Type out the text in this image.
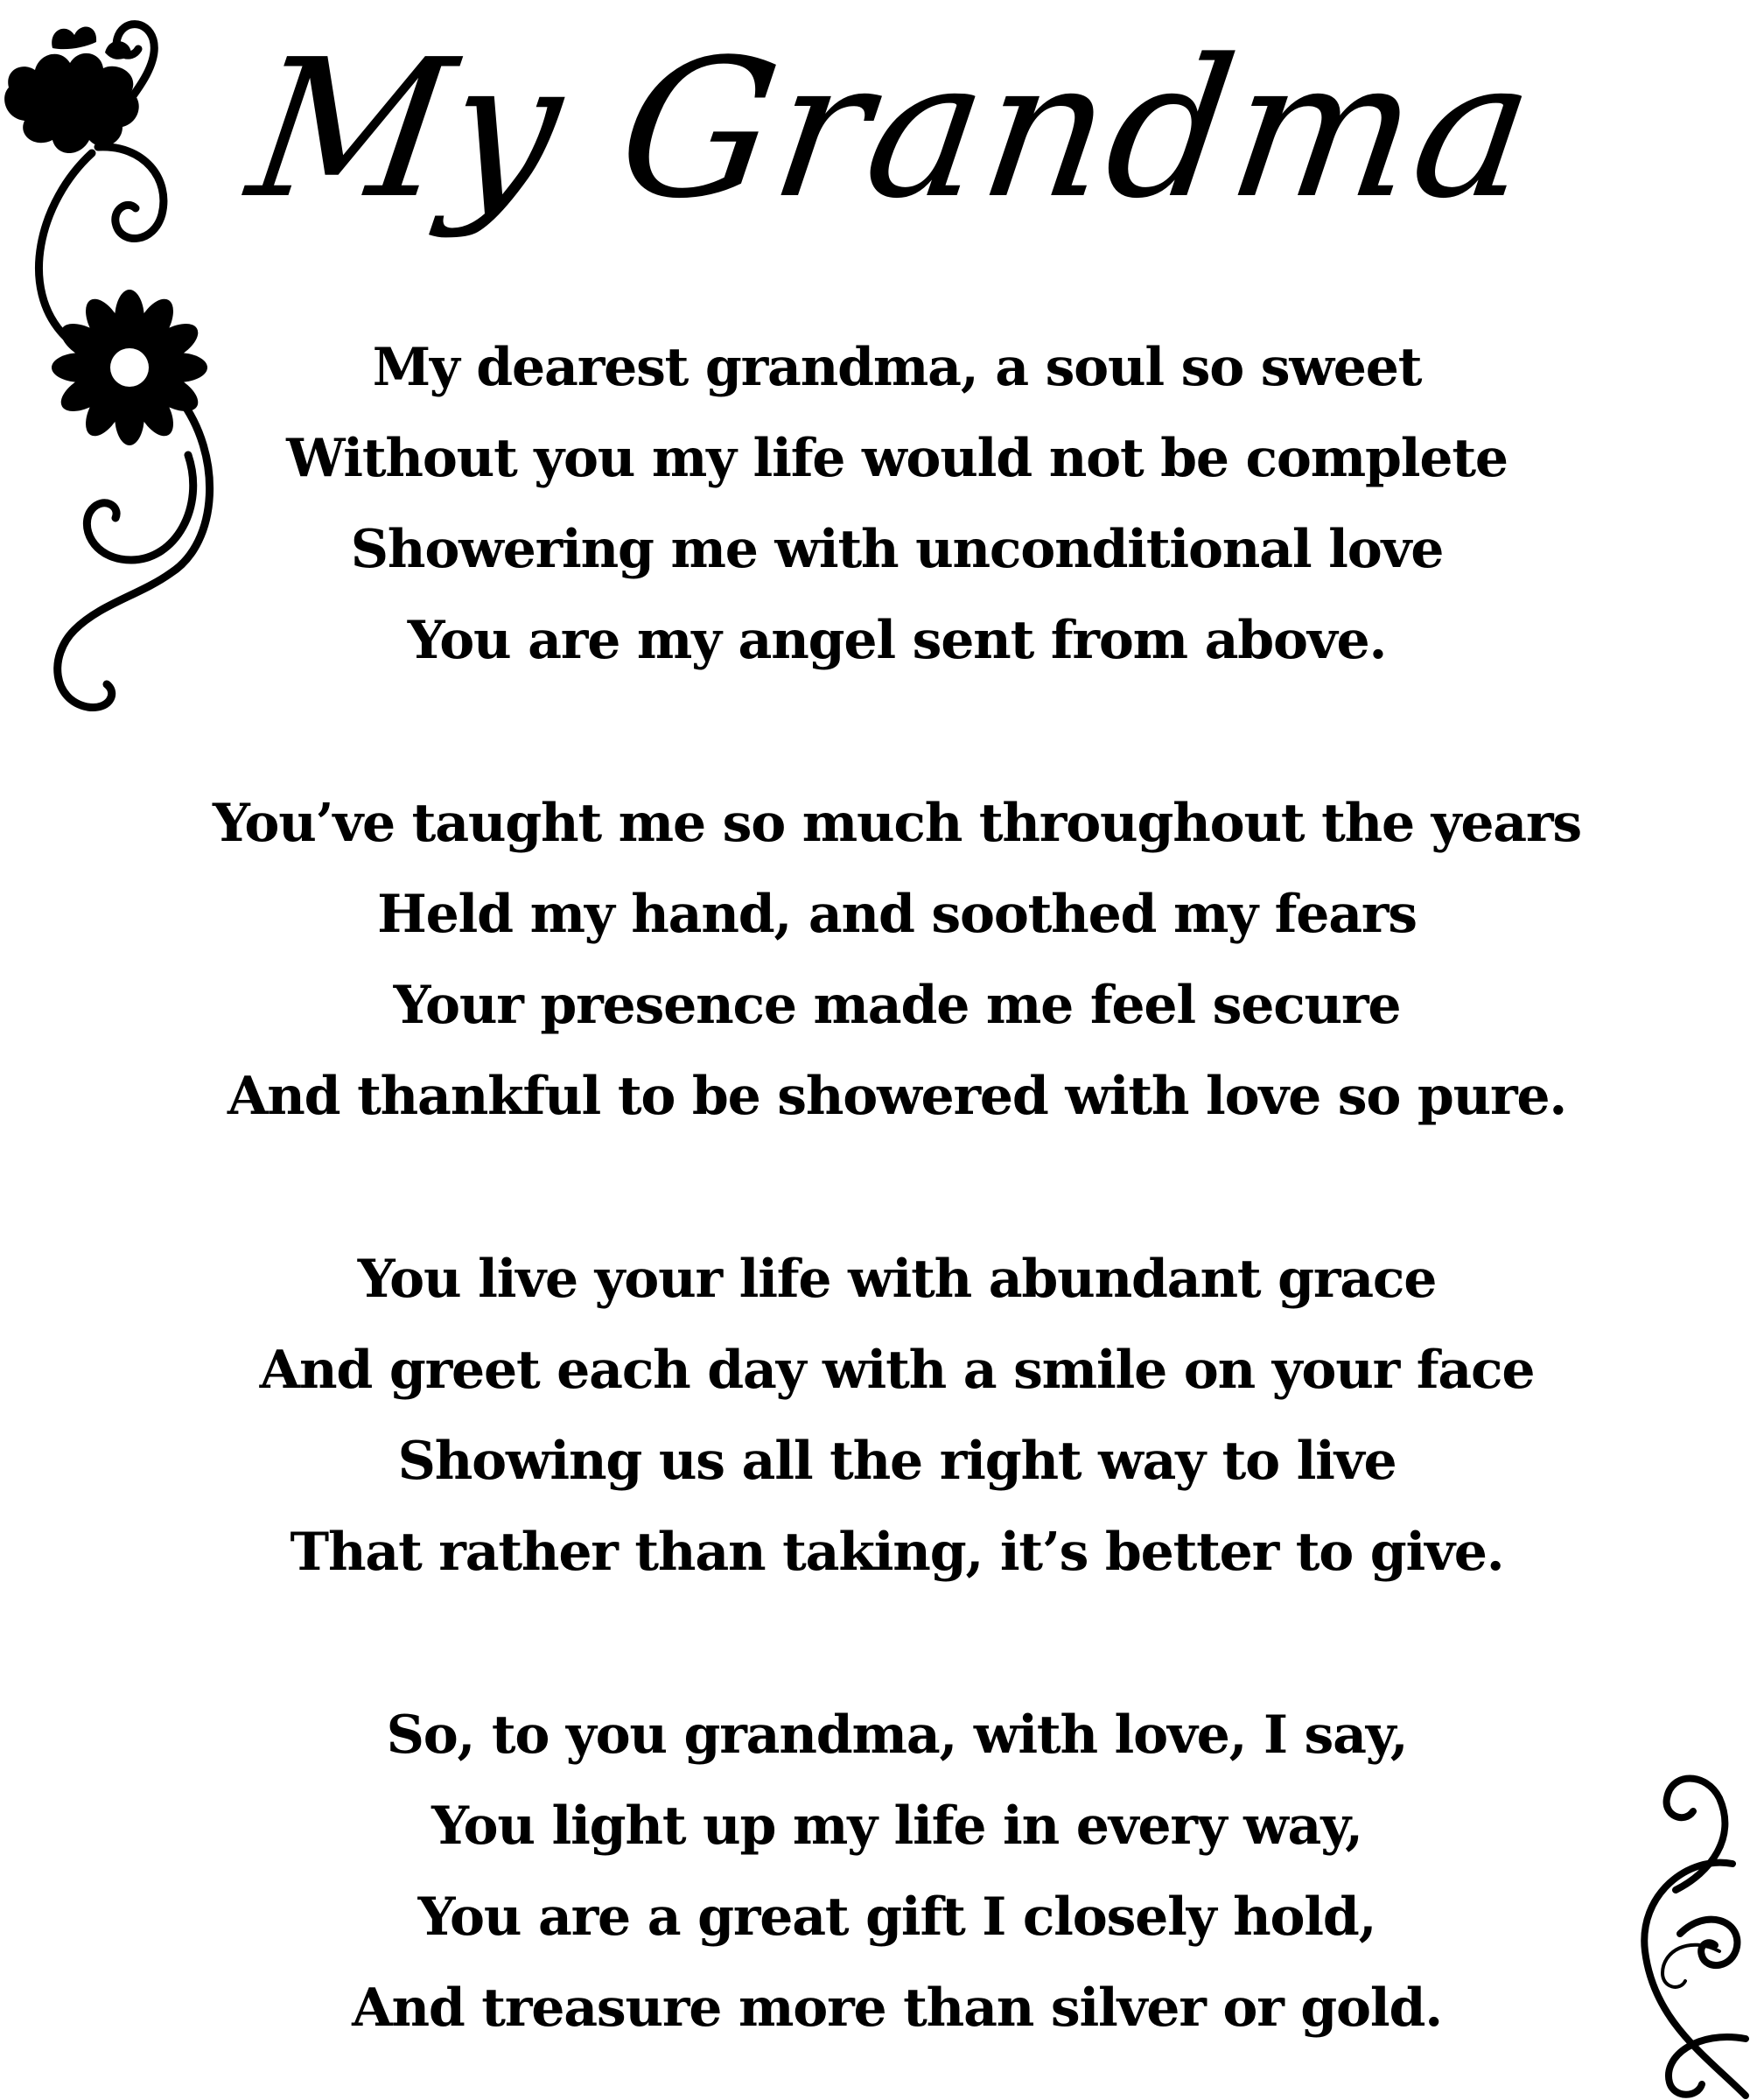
My Grandma
My dearest grandma, a soul so sweet
Without you my life would not be complete
Showering me with unconditional love
You are my angel sent from above.
You’ve taught me so much throughout the years
Held my hand, and soothed my fears
Your presence made me feel secure
And thankful to be showered with love so pure.
You live your life with abundant grace
And greet each day with a smile on your face
Showing us all the right way to live
That rather than taking, it’s better to give.
So, to you grandma, with love, I say,
You light up my life in every way,
You are a great gift I closely hold,
And treasure more than silver or gold.
